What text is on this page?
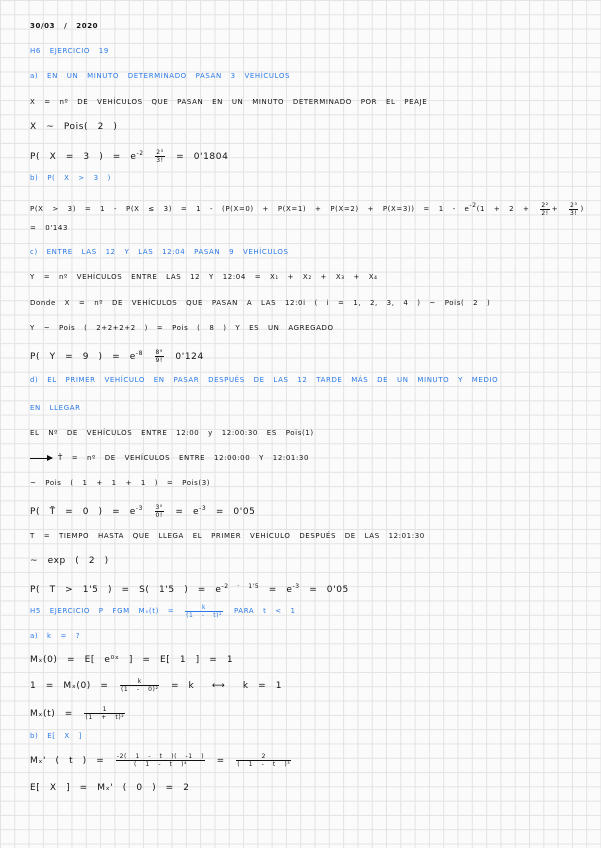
30/03 / 2020
H6 EJERCICIO 19
a) EN UN MINUTO DETERMINADO PASAN 3 VEHÍCULOS
X = nº DE VEHÍCULOS QUE PASAN EN UN MINUTO DETERMINADO POR EL PEAJE
X ~ Pois( 2 )
P( X = 3 ) = $e^{-2} \frac{\text{2³}}{3!} = 0'1804$
b) P( X > 3 )
$P(X > 3) = 1 - P(X \le 3) = 1 - (P(X=0) + P(X=1) + P(X=2) + P(X=3)) = 1 - e-2(1 + 2 + \frac{\text{2²}}{2!} + \frac{\text{2³}}{3!}$ )
= 0'143
c) ENTRE LAS 12 Y LAS 12:04 PASAN 9 VEHÍCULOS
Y = nº VEHÍCULOS ENTRE LAS 12 Y 12:04 = X₁ + X₂ + X₃ + X₄
Donde X = nº DE VEHÍCULOS QUE PASAN A LAS 12:0i ( i = 1, 2, 3, 4 ) ~ Pois( 2 )
Y ~ Pois ( 2+2+2+2 ) = Pois ( 8 ) Y ES UN AGREGADO
P( Y = 9 ) = $e^{-8} \frac{\text{8⁹}}{9!} 0'124$
d) EL PRIMER VEHÍCULO EN PASAR DESPUÉS DE LAS 12 TARDE MÁS DE UN MINUTO Y MEDIO
EN LLEGAR
EL Nº DE VEHÍCULOS ENTRE 12:00 y 12:00:30 ES Pois(1)
T̃ = nº DE VEHÍCULOS ENTRE 12:00:00 Y 12:01:30
~ Pois ( 1 + 1 + 1 ) = Pois(3)
P( T̃ = 0 ) = $e^{-3} \frac{\text{3⁰}}{0!} = e^{-3} = 0'05$
T = TIEMPO HASTA QUE LLEGA EL PRIMER VEHÍCULO DESPUÉS DE LAS 12:01:30
~ exp ( 2 )
P( T > 1'5 ) = S( 1'5 ) = $e^{-2 \cdot 1'5} = e^{-3} = 0'05$
H5 EJERCICIO P FGM $M_x(t) = \frac{k}{\text{(1 - t)²}}$ PARA t < 1
a) k = ?
Mₓ(0) = E[ e⁰ˣ ] = E[ 1 ] = 1
$1 = M_x(0) = \frac{k}{\text{(1 - 0)²}} = k$ ⟷ k = 1
$M_x(t) = \frac{1}{\text{(1 + t)²}}$
b) E[ X ]
Mₓ' ( t ) = $\frac{-2( 1 - t )( -1 )}{\text{( 1 - t )⁴}} = \frac{2}{\text{( 1 - t )³}}$
E[ X ] = Mₓ' ( 0 ) = 2
